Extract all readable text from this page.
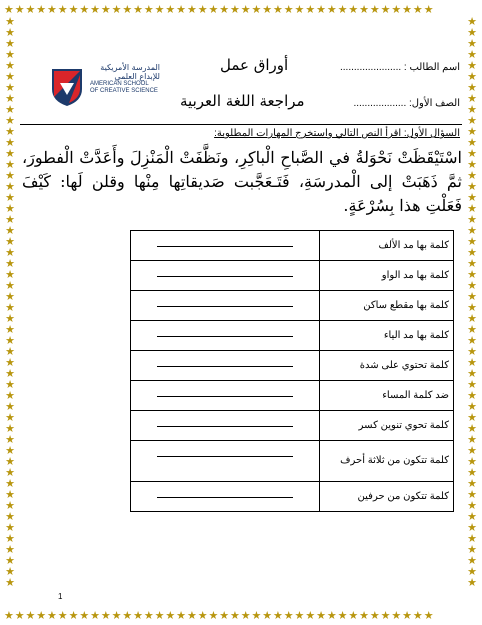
★★★★★★★★★★★★★★★★★★★★★★★★★★★★★★★★★★★★★★★★
★★★★★★★★★★★★★★★★★★★★★★★★★★★★★★★★★★★★★★★★
★★★★★★★★★★★★★★★★★★★★★★★★★★★★★★★★★★★★★★★★★★★★★★★★★★★★
★★★★★★★★★★★★★★★★★★★★★★★★★★★★★★★★★★★★★★★★★★★★★★★★★★★★
اسم الطالب : ......................
الصف الأول: ...................
أوراق عمل
مراجعة اللغة العربية
المدرسة الأمريكية للإبداع العلمي
AMERICAN SCHOOL
OF CREATIVE SCIENCE
السؤال الأول: اقرأ النص التالي واستخرج المهارات المطلوبة:
اسْتَيْقَظَتْ نَحْوَلةُ في الصَّباحِ الْباكِرِ، ونَظَّفَتْ الْمَنْزِلَ وأَعَدَّتْ الْفطورَ، ثمَّ ذَهَبَتْ إلى الْمدرسَةِ، فَتَـعَجَّبت صَديقاتِها مِنْها وقلن لَها: كَيْفَ فَعَلْتِ هذا بِسُرْعَةٍ.
كلمة بها مد الألف	

كلمة بها مد الواو	

كلمة بها مقطع ساكن	

كلمة بها مد الياء	

كلمة تحتوي على شدة	

ضد كلمة المساء	

كلمة تحوي تنوين كسر	

كلمة تتكون من ثلاثة أحرف	

كلمة تتكون من حرفين	
1
